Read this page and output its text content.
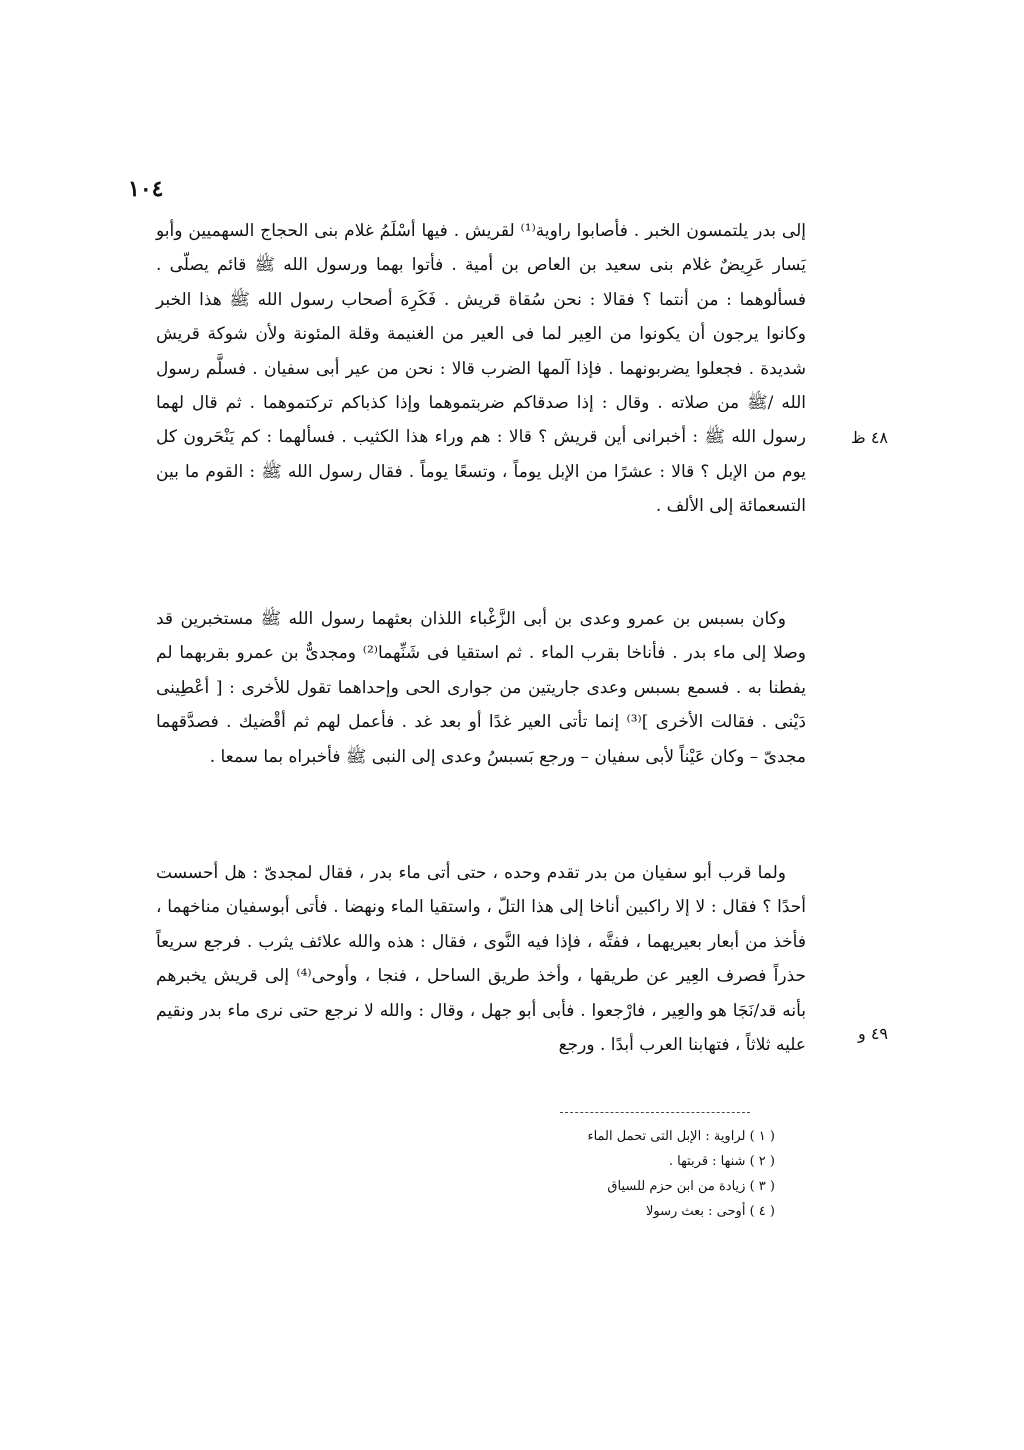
١٠٤

إلى بدر يلتمسون الخبر . فأصابوا راوية⁽¹⁾ لقريش . فيها أسْلَمُ غلام بنى الحجاج السهميين وأبو يَسار عَرِيضٌ غلام بنى سعيد بن العاص بن أمية . فأتوا بهما ورسول الله ﷺ قائم يصلّى . فسألوهما : من أنتما ؟ فقالا : نحن سُقاة قريش . فَكَرِهَ أصحاب رسول الله ﷺ هذا الخبر وكانوا يرجون أن يكونوا من العِير لما فى العير من الغنيمة وقلة المئونة ولأن شوكة قريش شديدة . فجعلوا يضربونهما . فإذا آلمها الضرب قالا : نحن من عير أبى سفيان . فسلَّم رسول الله /ﷺ من صلاته . وقال : إذا صدقاكم ضربتموهما وإذا كذباكم تركتموهما . ثم قال لهما رسول الله ﷺ : أخبرانى أين قريش ؟ قالا : هم وراء هذا الكثيب . فسألهما : كم يَنْحَرون كل يوم من الإبل ؟ قالا : عشرًا من الإبل يوماً ، وتسعًا يوماً . فقال رسول الله ﷺ : القوم ما بين التسعمائة إلى الألف .

٤٨ ظ

وكان بسبس بن عمرو وعدى بن أبى الزَّغْباء اللذان بعثهما رسول الله ﷺ مستخبرين قد وصلا إلى ماء بدر . فأناخا بقرب الماء . ثم استقيا فى شَنِّهما⁽²⁾ ومجدىٌّ بن عمرو بقربهما لم يفطنا به . فسمع بسبس وعدى جاريتين من جوارى الحى وإحداهما تقول للأخرى : [ أعْطِينى دَيْنى . فقالت الأخرى ]⁽³⁾ إنما تأتى العير غدًا أو بعد غد . فأعمل لهم ثم أقْضيك . فصدَّقهما مجدىّ – وكان عَيْناً لأبى سفيان – ورجع بَسبسُ وعدى إلى النبى ﷺ فأخبراه بما سمعا .

ولما قرب أبو سفيان من بدر تقدم وحده ، حتى أتى ماء بدر ، فقال لمجدىّ : هل أحسست أحدًا ؟ فقال : لا إلا راكبين أناخا إلى هذا التلّ ، واستقيا الماء ونهضا . فأتى أبوسفيان مناخهما ، فأخذ من أبعار بعيريهما ، ففتَّه ، فإذا فيه النَّوى ، فقال : هذه والله علائف يثرب . فرجع سريعاً حذراً فصرف العِير عن طريقها ، وأخذ طريق الساحل ، فنجا ، وأوحى⁽⁴⁾ إلى قريش يخبرهم بأنه قد/نَجَا هو والعِير ، فارْجعوا . فأبى أبو جهل ، وقال : والله لا نرجع حتى نرى ماء بدر ونقيم عليه ثلاثاً ، فتهابنا العرب أبدًا . ورجع

٤٩ و
( ١ ) لراوية : الإبل التى تحمل الماء
( ٢ ) شنها : قربتها .
( ٣ ) زيادة من ابن حزم للسياق
( ٤ ) أوحى : بعث رسولا
